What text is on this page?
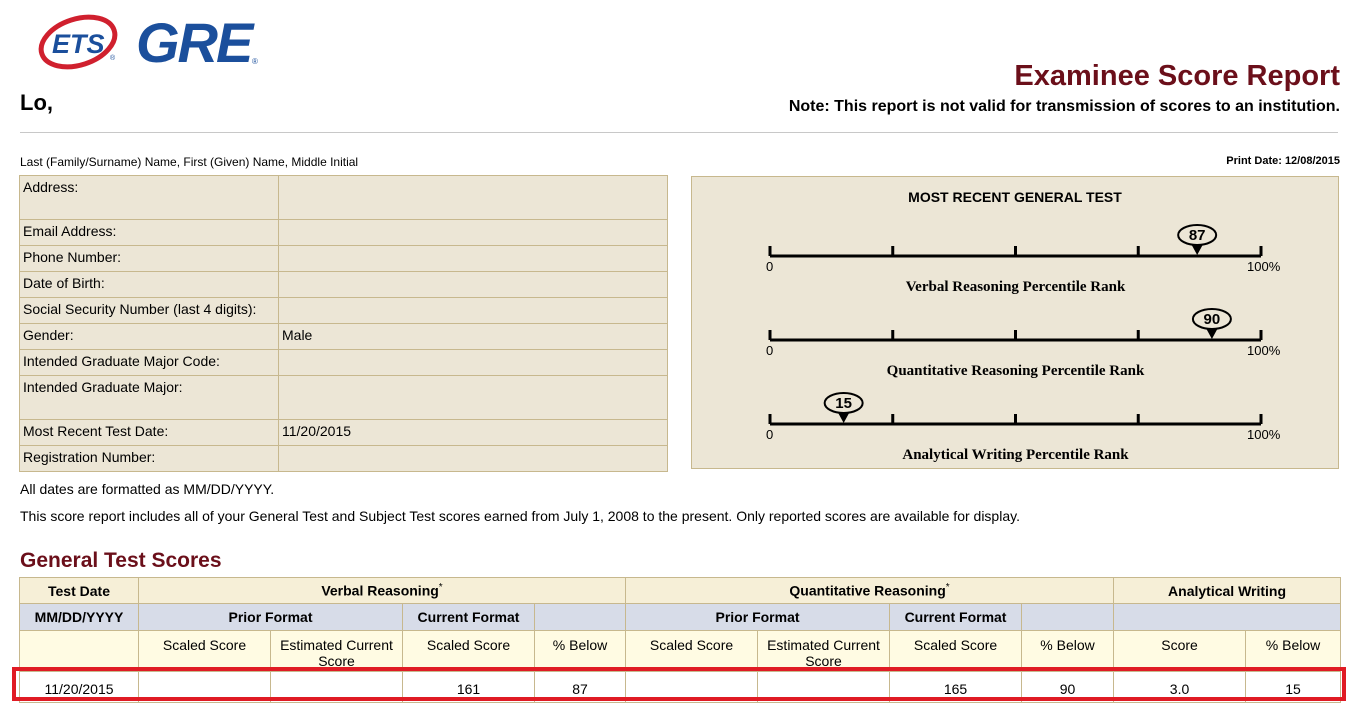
ETS ® GRE ®
Lo,
Examinee Score Report
Note: This report is not valid for transmission of scores to an institution.
Last (Family/Surname) Name, First (Given) Name, Middle Initial	Print Date: 12/08/2015
Address:	
Email Address:	
Phone Number:	
Date of Birth:	
Social Security Number (last 4 digits):	
Gender:	Male
Intended Graduate Major Code:	
Intended Graduate Major:	
Most Recent Test Date:	11/20/2015
Registration Number:	
MOST RECENT GENERAL TEST
0	100%
87
Verbal Reasoning Percentile Rank
0	100%
90
Quantitative Reasoning Percentile Rank
0	100%
15
Analytical Writing Percentile Rank
All dates are formatted as MM/DD/YYYY.
This score report includes all of your General Test and Subject Test scores earned from July 1, 2008 to the present. Only reported scores are available for display.
General Test Scores
Test Date	Verbal Reasoning*				Quantitative Reasoning*				Analytical Writing	
MM/DD/YYYY	Prior Format		Current Format		Prior Format		Current Format			
	Scaled Score	Estimated Current Score	Scaled Score	% Below	Scaled Score	Estimated Current Score	Scaled Score	% Below	Score	% Below
11/20/2015			161	87			165	90	3.0	15
